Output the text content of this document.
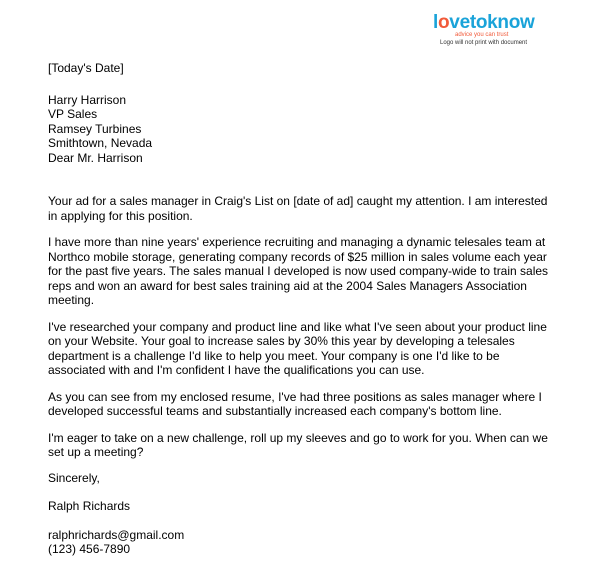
lovetoknow
advice you can trust
Logo will not print with document
[Today's Date]
Harry Harrison
VP Sales
Ramsey Turbines
Smithtown, Nevada
Dear Mr. Harrison

Your ad for a sales manager in Craig's List on [date of ad] caught my attention. I am interested in applying for this position.

I have more than nine years' experience recruiting and managing a dynamic telesales team at Northco mobile storage, generating company records of $25 million in sales volume each year for the past five years. The sales manual I developed is now used company-wide to train sales reps and won an award for best sales training aid at the 2004 Sales Managers Association meeting.

I've researched your company and product line and like what I've seen about your product line on your Website. Your goal to increase sales by 30% this year by developing a telesales department is a challenge I'd like to help you meet. Your company is one I'd like to be associated with and I'm confident I have the qualifications you can use.

As you can see from my enclosed resume, I've had three positions as sales manager where I developed successful teams and substantially increased each company's bottom line.

I'm eager to take on a new challenge, roll up my sleeves and go to work for you. When can we set up a meeting?

Sincerely,
Ralph Richards
ralphrichards@gmail.com
(123) 456-7890
